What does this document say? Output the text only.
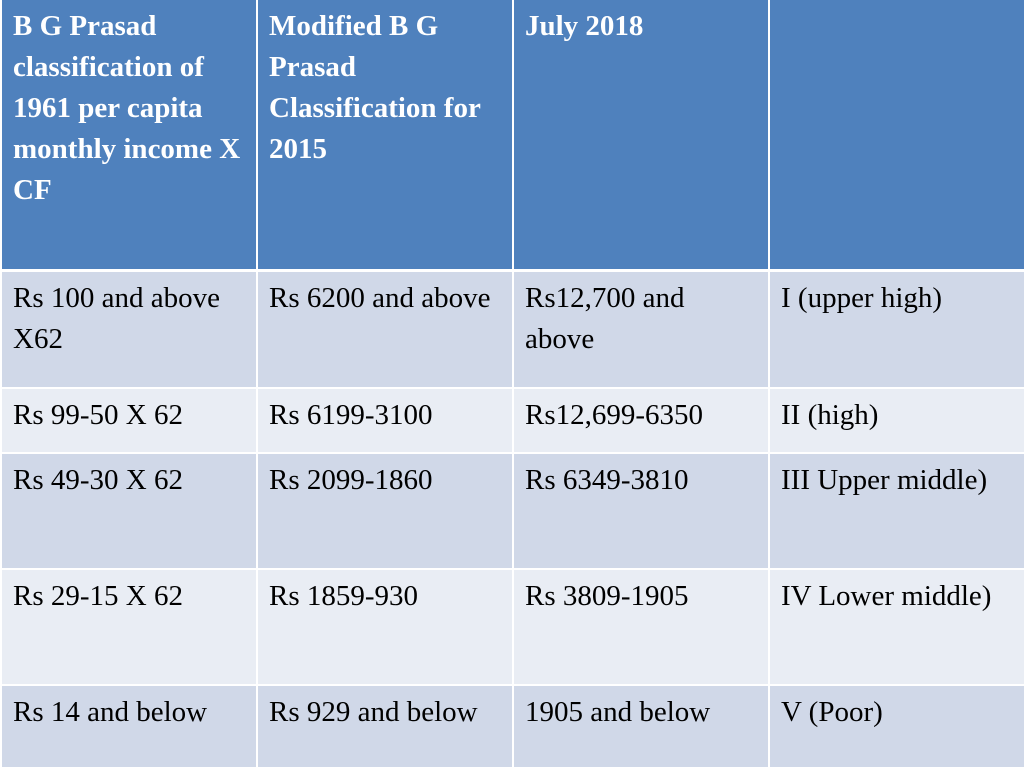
B G Prasad classification of 1961 per capita monthly income X CF	Modified B G Prasad Classification for 2015	July 2018	

Rs 100 and above X62	Rs 6200 and above	Rs12,700 and above	I (upper high)

Rs 99-50 X 62	Rs 6199-3100	Rs12,699-6350	II (high)

Rs 49-30 X 62	Rs 2099-1860	Rs 6349-3810	III Upper middle)

Rs 29-15 X 62	Rs 1859-930	Rs 3809-1905	IV Lower middle)

Rs 14 and below	Rs 929 and below	1905 and below	V (Poor)
